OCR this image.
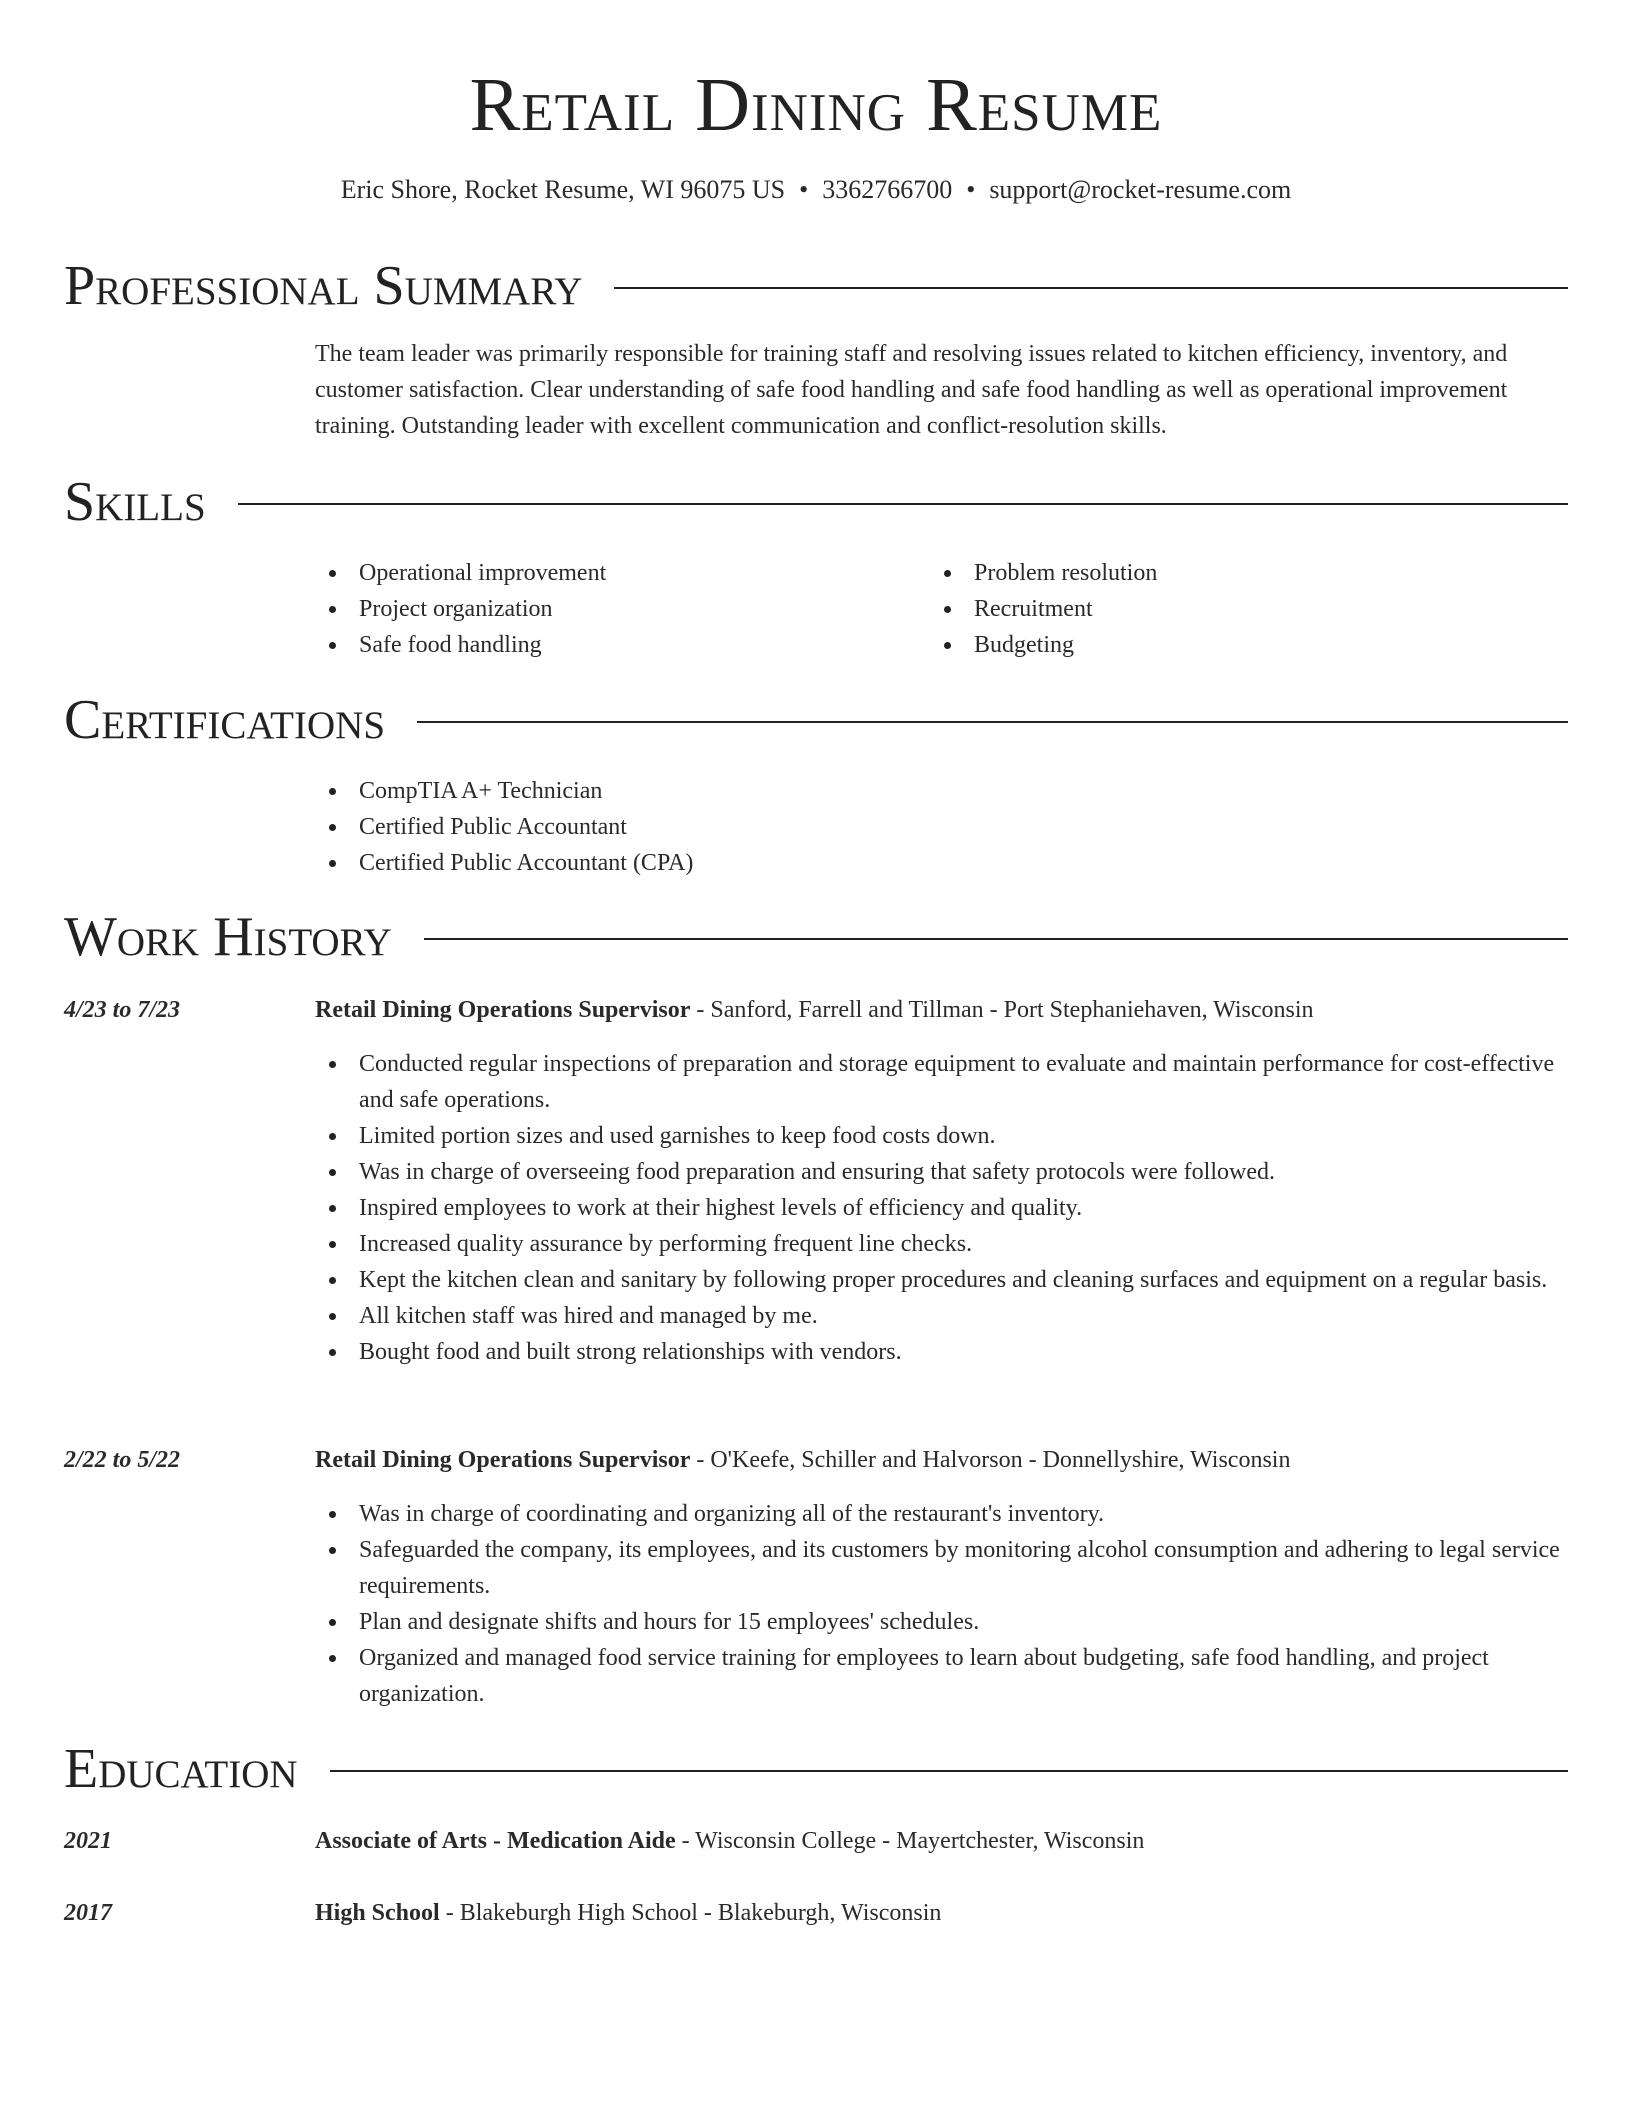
Retail Dining Resume
Eric Shore, Rocket Resume, WI 96075 US • 3362766700 • support@rocket-resume.com
Professional Summary

The team leader was primarily responsible for training staff and resolving issues related to kitchen efficiency, inventory, and customer satisfaction. Clear understanding of safe food handling and safe food handling as well as operational improvement training. Outstanding leader with excellent communication and conflict-resolution skills.

Skills
Operational improvement
Project organization
Safe food handling
Problem resolution
Recruitment
Budgeting
Certifications
CompTIA A+ Technician
Certified Public Accountant
Certified Public Accountant (CPA)
Work History
4/23 to 7/23	Retail Dining Operations Supervisor - Sanford, Farrell and Tillman - Port Stephaniehaven, Wisconsin
Conducted regular inspections of preparation and storage equipment to evaluate and maintain performance for cost-effective and safe operations.
Limited portion sizes and used garnishes to keep food costs down.
Was in charge of overseeing food preparation and ensuring that safety protocols were followed.
Inspired employees to work at their highest levels of efficiency and quality.
Increased quality assurance by performing frequent line checks.
Kept the kitchen clean and sanitary by following proper procedures and cleaning surfaces and equipment on a regular basis.
All kitchen staff was hired and managed by me.
Bought food and built strong relationships with vendors.
2/22 to 5/22	Retail Dining Operations Supervisor - O'Keefe, Schiller and Halvorson - Donnellyshire, Wisconsin
Was in charge of coordinating and organizing all of the restaurant's inventory.
Safeguarded the company, its employees, and its customers by monitoring alcohol consumption and adhering to legal service requirements.
Plan and designate shifts and hours for 15 employees' schedules.
Organized and managed food service training for employees to learn about budgeting, safe food handling, and project organization.
Education
2021	Associate of Arts - Medication Aide - Wisconsin College - Mayertchester, Wisconsin
2017	High School - Blakeburgh High School - Blakeburgh, Wisconsin
